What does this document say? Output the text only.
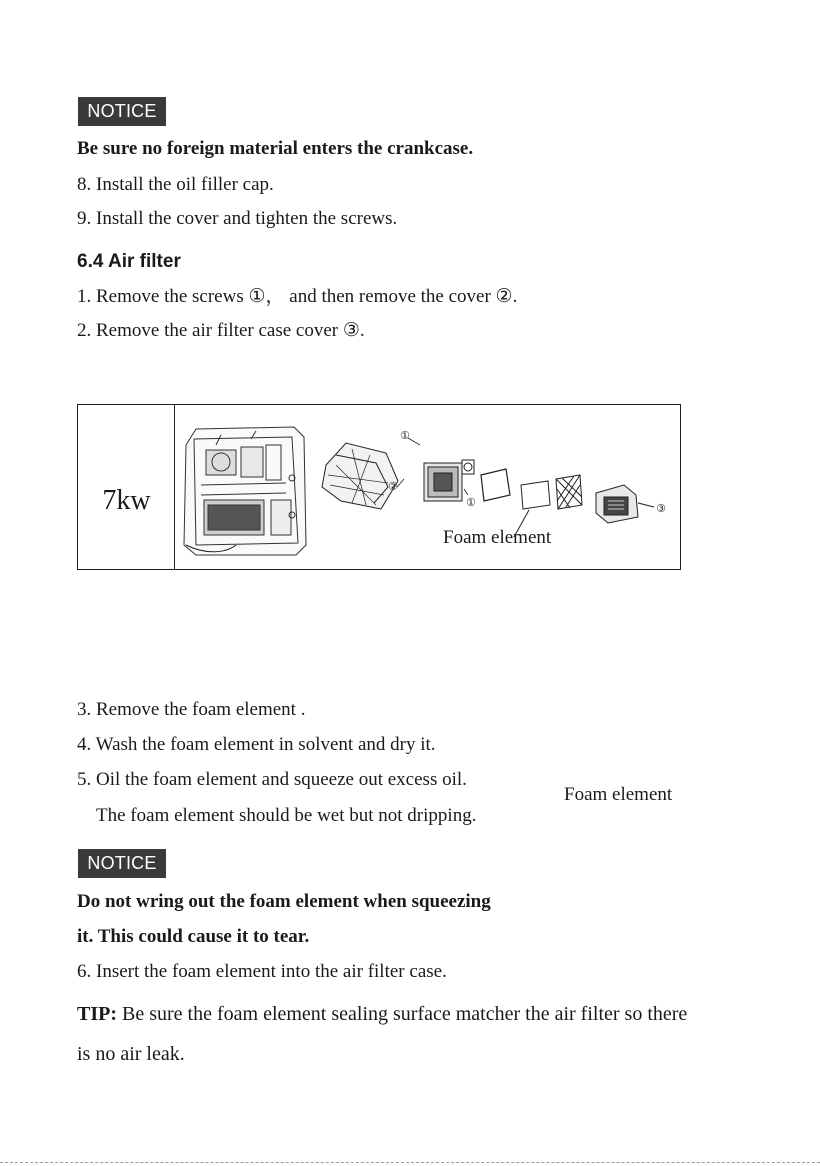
NOTICE
Be sure no foreign material enters the crankcase.
8. Install the oil filler cap.
9. Install the cover and tighten the screws.
6.4 Air filter
1. Remove the screws ①， and then remove the cover ②.
2. Remove the air filter case cover ③.
7kw
①
②
①	③
Foam element
3. Remove the foam element .
4. Wash the foam element in solvent and dry it.
5. Oil the foam element and squeeze out excess oil.
The foam element should be wet but not dripping.
Foam element
NOTICE
Do not wring out the foam element when squeezing
it. This could cause it to tear.
6. Insert the foam element into the air filter case.
TIP: Be sure the foam element sealing surface matcher the air filter so there
is no air leak.
